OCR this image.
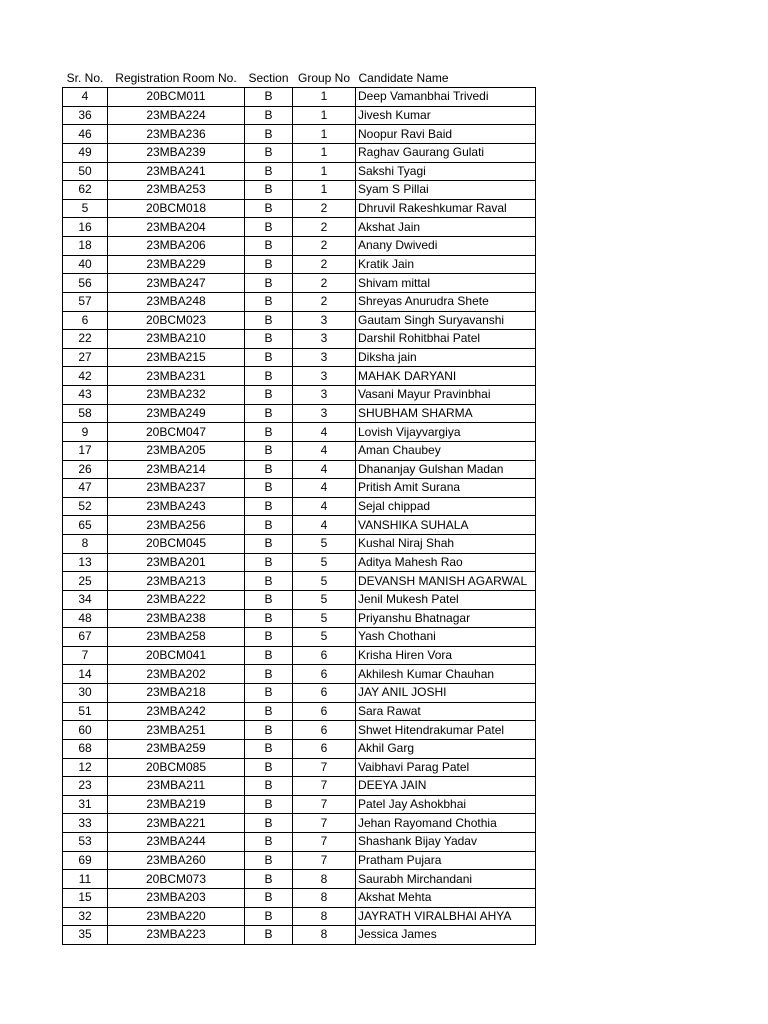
Sr. No.	Registration Room No.	Section	Group No	Candidate Name
4	20BCM011	B	1	Deep Vamanbhai Trivedi
36	23MBA224	B	1	Jivesh Kumar
46	23MBA236	B	1	Noopur Ravi Baid
49	23MBA239	B	1	Raghav Gaurang Gulati
50	23MBA241	B	1	Sakshi Tyagi
62	23MBA253	B	1	Syam S Pillai
5	20BCM018	B	2	Dhruvil Rakeshkumar Raval
16	23MBA204	B	2	Akshat Jain
18	23MBA206	B	2	Anany Dwivedi
40	23MBA229	B	2	Kratik Jain
56	23MBA247	B	2	Shivam mittal
57	23MBA248	B	2	Shreyas Anurudra Shete
6	20BCM023	B	3	Gautam Singh Suryavanshi
22	23MBA210	B	3	Darshil Rohitbhai Patel
27	23MBA215	B	3	Diksha jain
42	23MBA231	B	3	MAHAK DARYANI
43	23MBA232	B	3	Vasani Mayur Pravinbhai
58	23MBA249	B	3	SHUBHAM SHARMA
9	20BCM047	B	4	Lovish Vijayvargiya
17	23MBA205	B	4	Aman Chaubey
26	23MBA214	B	4	Dhananjay Gulshan Madan
47	23MBA237	B	4	Pritish Amit Surana
52	23MBA243	B	4	Sejal chippad
65	23MBA256	B	4	VANSHIKA SUHALA
8	20BCM045	B	5	Kushal Niraj Shah
13	23MBA201	B	5	Aditya Mahesh Rao
25	23MBA213	B	5	DEVANSH MANISH AGARWAL
34	23MBA222	B	5	Jenil Mukesh Patel
48	23MBA238	B	5	Priyanshu Bhatnagar
67	23MBA258	B	5	Yash Chothani
7	20BCM041	B	6	Krisha Hiren Vora
14	23MBA202	B	6	Akhilesh Kumar Chauhan
30	23MBA218	B	6	JAY ANIL JOSHI
51	23MBA242	B	6	Sara Rawat
60	23MBA251	B	6	Shwet Hitendrakumar Patel
68	23MBA259	B	6	Akhil Garg
12	20BCM085	B	7	Vaibhavi Parag Patel
23	23MBA211	B	7	DEEYA JAIN
31	23MBA219	B	7	Patel Jay Ashokbhai
33	23MBA221	B	7	Jehan Rayomand Chothia
53	23MBA244	B	7	Shashank Bijay Yadav
69	23MBA260	B	7	Pratham Pujara
11	20BCM073	B	8	Saurabh Mirchandani
15	23MBA203	B	8	Akshat Mehta
32	23MBA220	B	8	JAYRATH VIRALBHAI AHYA
35	23MBA223	B	8	Jessica James
